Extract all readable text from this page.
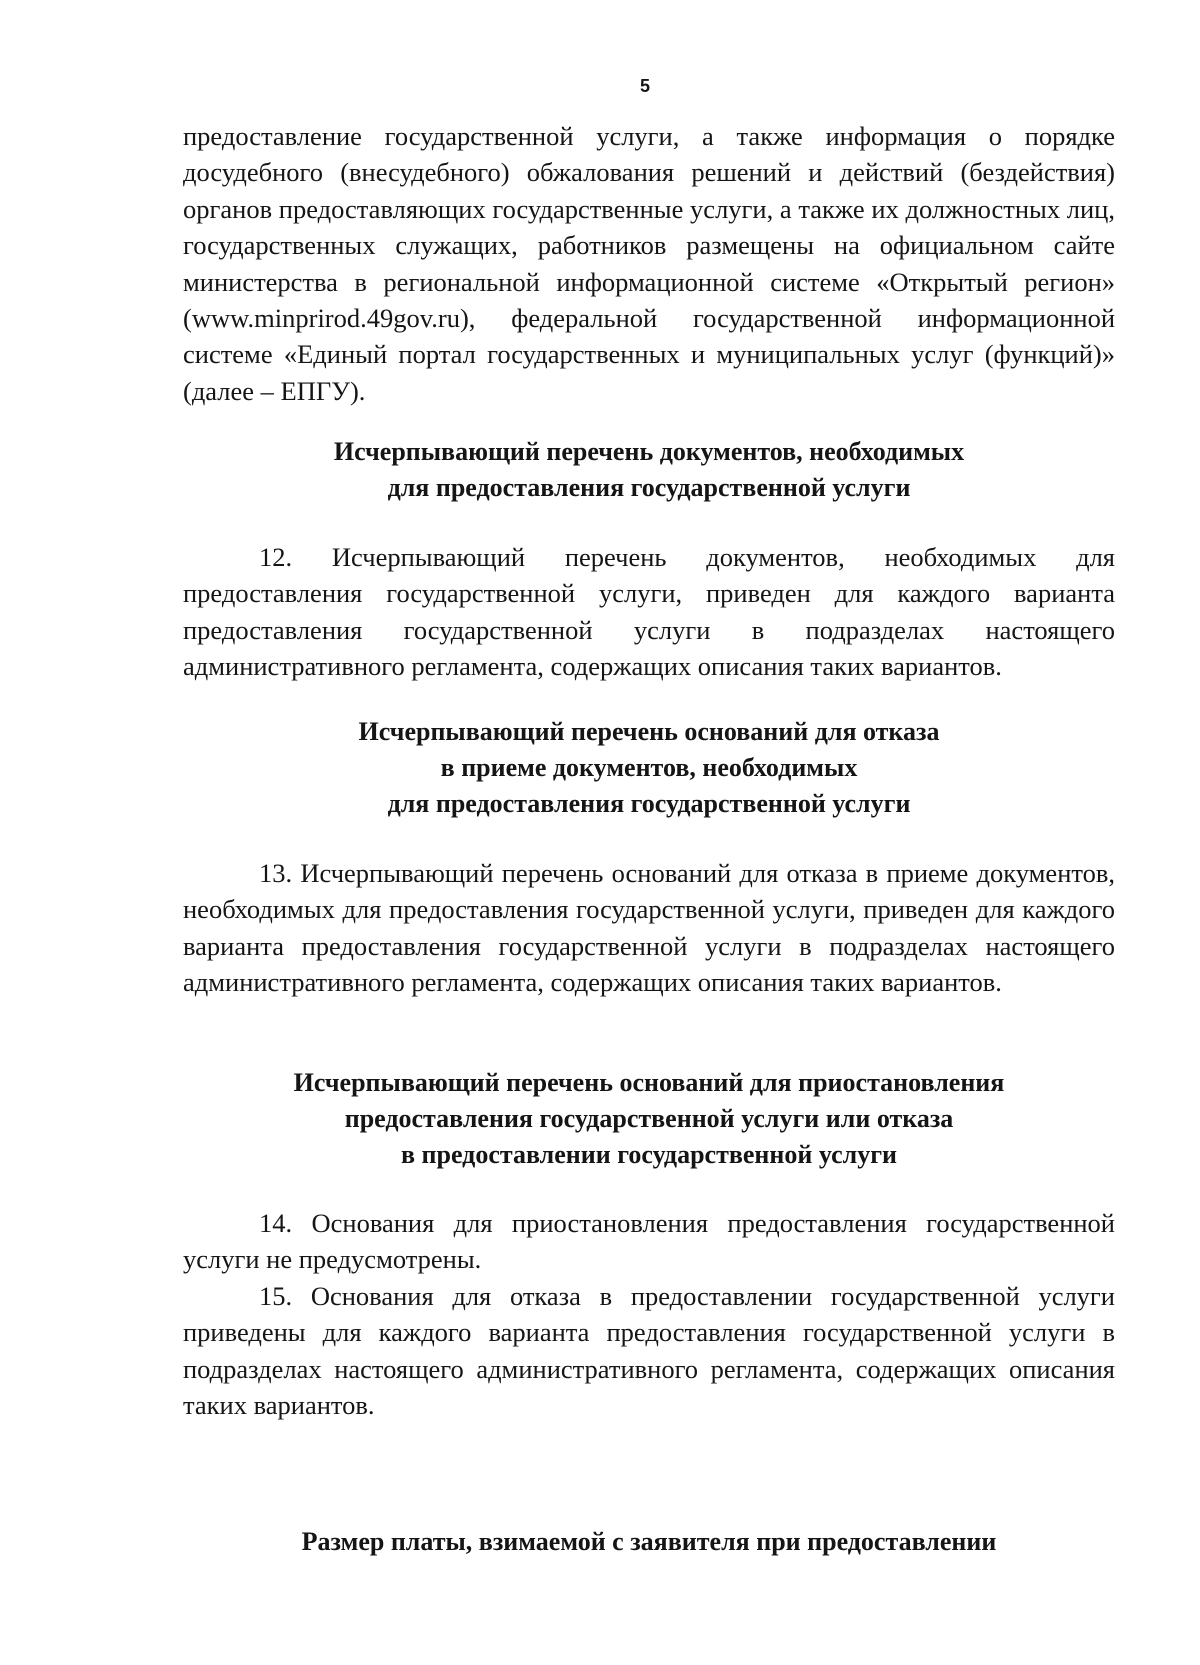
5

предоставление государственной услуги, а также информация о порядке досудебного (внесудебного) обжалования решений и действий (бездействия) органов предоставляющих государственные услуги, а также их должностных лиц, государственных служащих, работников размещены на официальном сайте министерства в региональной информационной системе «Открытый регион» (www.minprirod.49gov.ru), федеральной государственной информационной системе «Единый портал государственных и муниципальных услуг (функций)» (далее – ЕПГУ).

Исчерпывающий перечень документов, необходимых
для предоставления государственной услуги

12. Исчерпывающий перечень документов, необходимых для предоставления государственной услуги, приведен для каждого варианта предоставления государственной услуги в подразделах настоящего административного регламента, содержащих описания таких вариантов.

Исчерпывающий перечень оснований для отказа
в приеме документов, необходимых
для предоставления государственной услуги

13. Исчерпывающий перечень оснований для отказа в приеме документов, необходимых для предоставления государственной услуги, приведен для каждого варианта предоставления государственной услуги в подразделах настоящего административного регламента, содержащих описания таких вариантов.

Исчерпывающий перечень оснований для приостановления
предоставления государственной услуги или отказа
в предоставлении государственной услуги

14. Основания для приостановления предоставления государственной услуги не предусмотрены.

15. Основания для отказа в предоставлении государственной услуги приведены для каждого варианта предоставления государственной услуги в подразделах настоящего административного регламента, содержащих описания таких вариантов.

Размер платы, взимаемой с заявителя при предоставлении
